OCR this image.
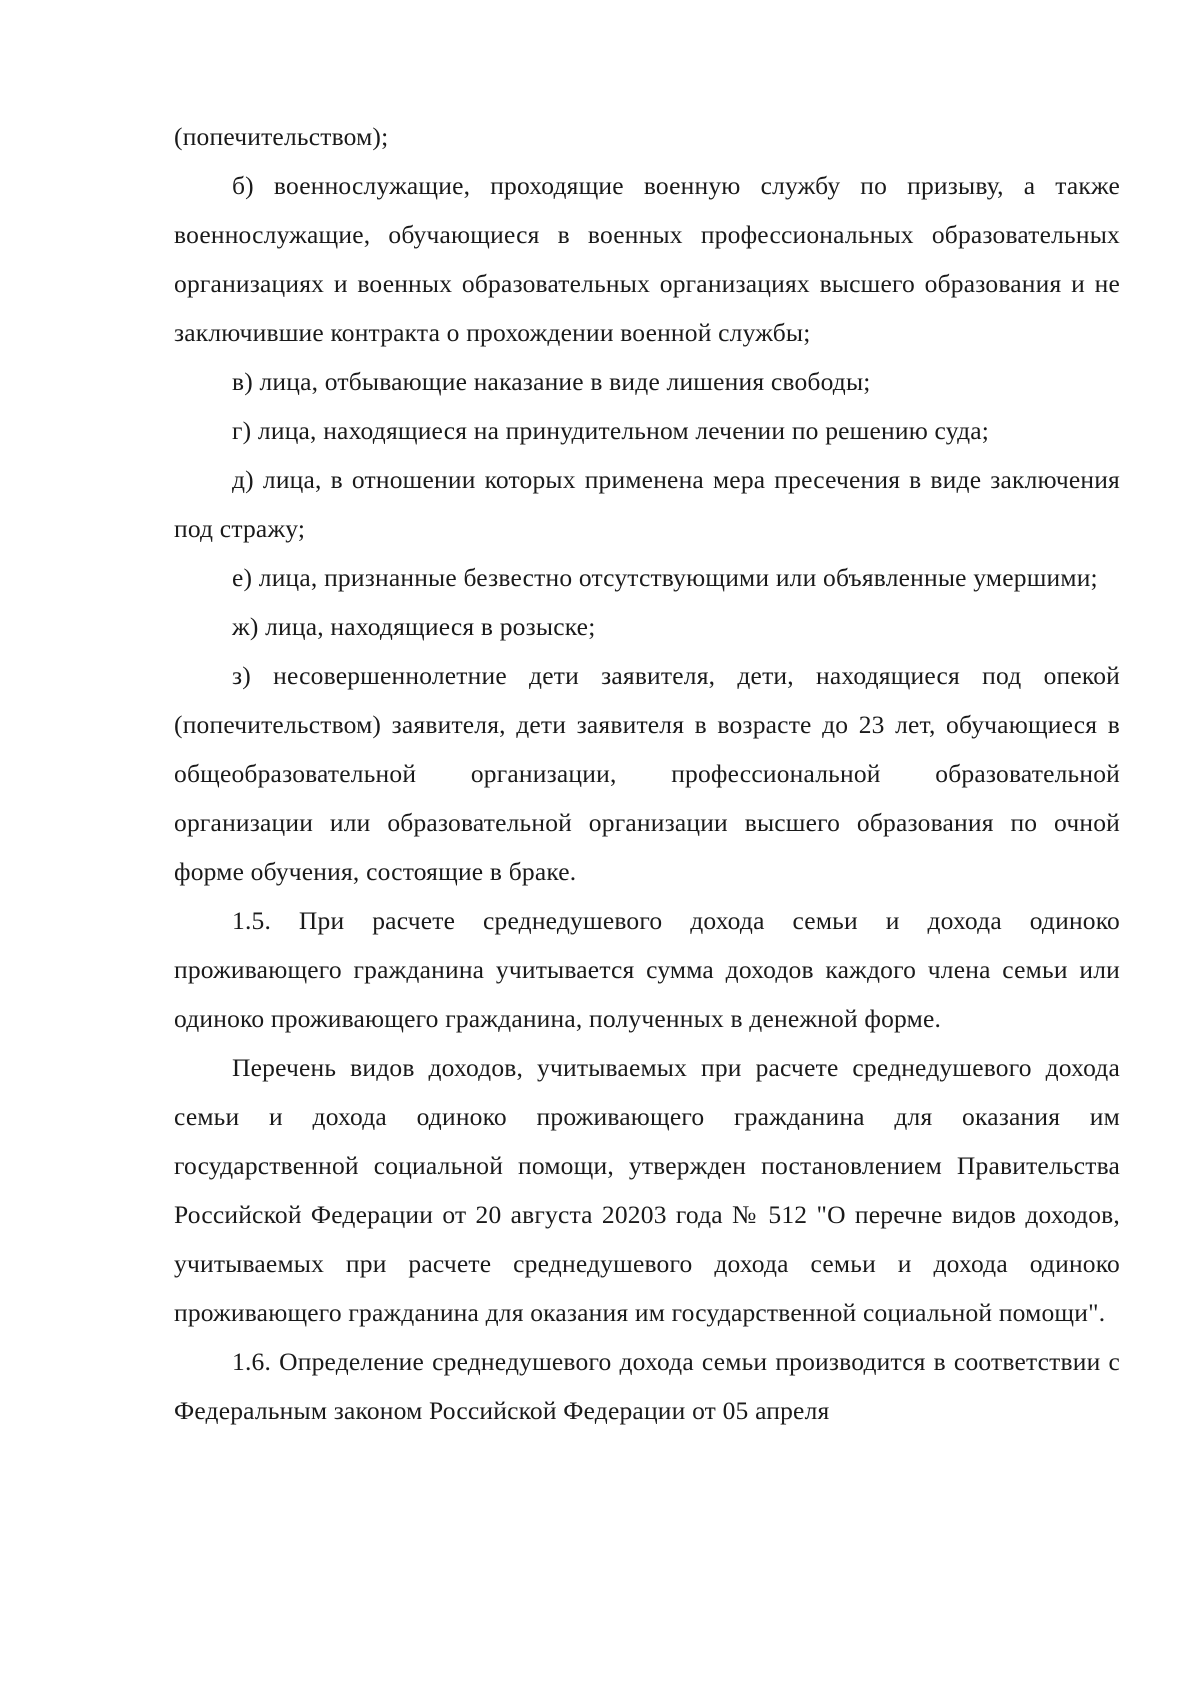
(попечительством);

б) военнослужащие, проходящие военную службу по призыву, а также военнослужащие, обучающиеся в военных профессиональных образовательных организациях и военных образовательных организациях высшего образования и не заключившие контракта о прохождении военной службы;

в) лица, отбывающие наказание в виде лишения свободы;

г) лица, находящиеся на принудительном лечении по решению суда;

д) лица, в отношении которых применена мера пресечения в виде заключения под стражу;

е) лица, признанные безвестно отсутствующими или объявленные умершими;

ж) лица, находящиеся в розыске;

з) несовершеннолетние дети заявителя, дети, находящиеся под опекой (попечительством) заявителя, дети заявителя в возрасте до 23 лет, обучающиеся в общеобразовательной организации, профессиональной образовательной организации или образовательной организации высшего образования по очной форме обучения, состоящие в браке.

1.5. При расчете среднедушевого дохода семьи и дохода одиноко проживающего гражданина учитывается сумма доходов каждого члена семьи или одиноко проживающего гражданина, полученных в денежной форме.

Перечень видов доходов, учитываемых при расчете среднедушевого дохода семьи и дохода одиноко проживающего гражданина для оказания им государственной социальной помощи, утвержден постановлением Правительства Российской Федерации от 20 августа 20203 года № 512 "О перечне видов доходов, учитываемых при расчете среднедушевого дохода семьи и дохода одиноко проживающего гражданина для оказания им государственной социальной помощи".

1.6. Определение среднедушевого дохода семьи производится в соответствии с Федеральным законом Российской Федерации от 05 апреля
